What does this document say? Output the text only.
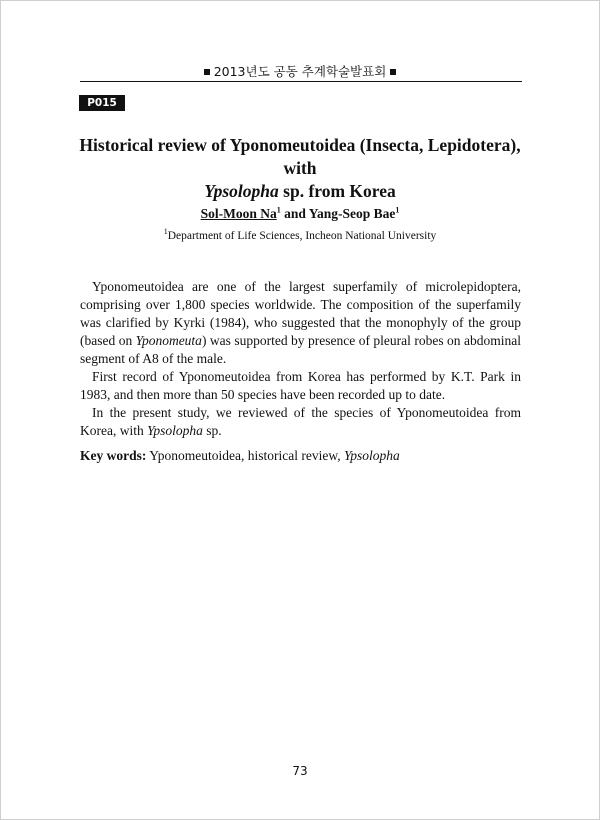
2013년도 공동 추계학술발표회
P015
Historical review of Yponomeutoidea (Insecta, Lepidotera), with
Ypsolopha sp. from Korea
Sol-Moon Na$^1$ and Yang-Seop Bae$^1$
$^1$Department of Life Sciences, Incheon National University

Yponomeutoidea are one of the largest superfamily of microlepidoptera, comprising over 1,800 species worldwide. The composition of the superfamily was clarified by Kyrki (1984), who suggested that the monophyly of the group (based on Yponomeuta) was supported by presence of pleural robes on abdominal segment of A8 of the male.

First record of Yponomeutoidea from Korea has performed by K.T. Park in 1983, and then more than 50 species have been recorded up to date.

In the present study, we reviewed of the species of Yponomeutoidea from Korea, with Ypsolopha sp.

Key words: Yponomeutoidea, historical review, Ypsolopha
73
